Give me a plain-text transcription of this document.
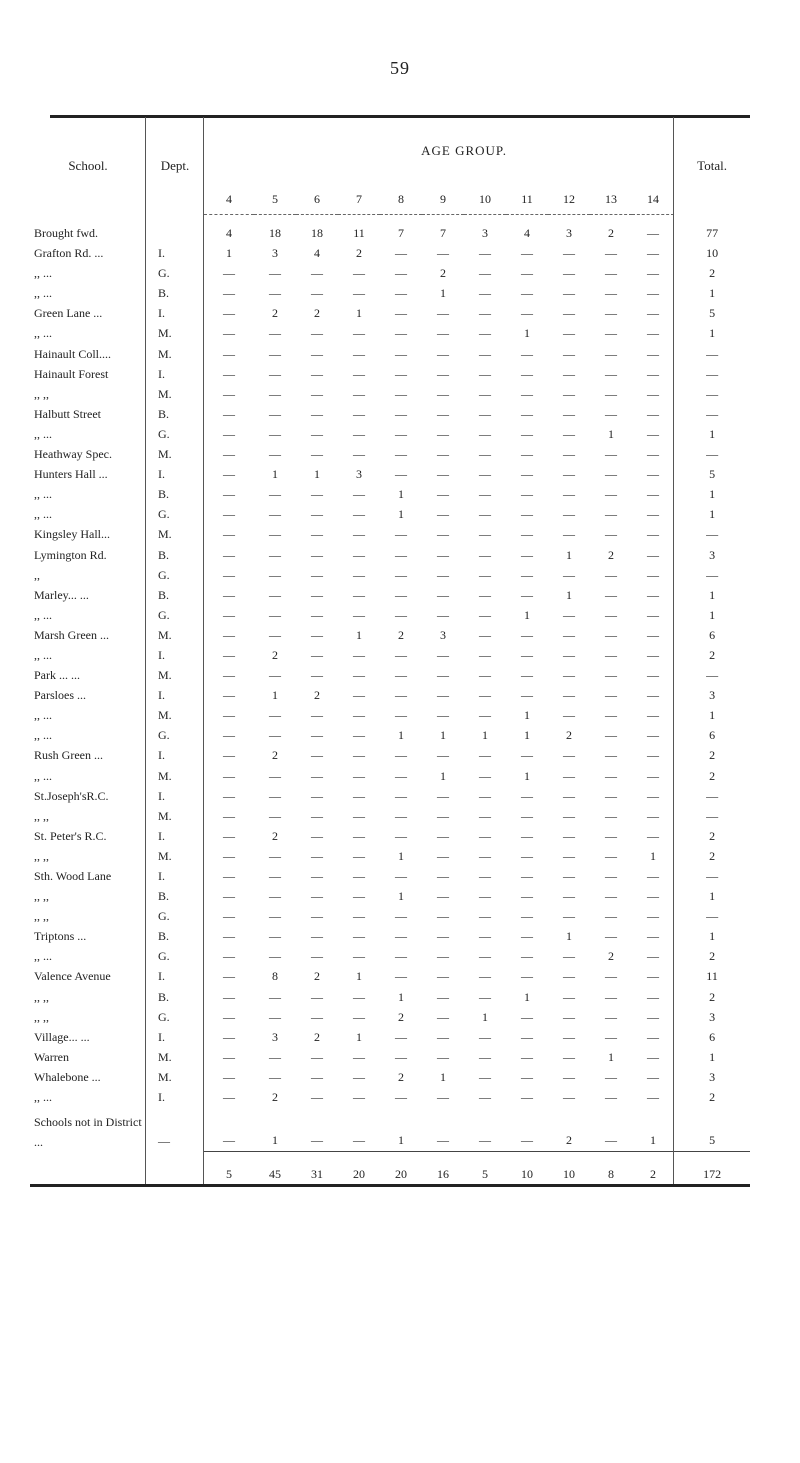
59
School.	Dept.		AGE GROUP.										Total.
		4	5	6	7	8	9	10	11	12	13	14	

Brought fwd.		4	18	18	11	7	7	3	4	3	2	—	77
Grafton Rd. ...	I.	1	3	4	2	—	—	—	—	—	—	—	10
,, ...	G.	—	—	—	—	—	2	—	—	—	—	—	2
,, ...	B.	—	—	—	—	—	1	—	—	—	—	—	1
Green Lane ...	I.	—	2	2	1	—	—	—	—	—	—	—	5
,, ...	M.	—	—	—	—	—	—	—	1	—	—	—	1
Hainault Coll....	M.	—	—	—	—	—	—	—	—	—	—	—	—
Hainault Forest	I.	—	—	—	—	—	—	—	—	—	—	—	—
,, ,,	M.	—	—	—	—	—	—	—	—	—	—	—	—
Halbutt Street	B.	—	—	—	—	—	—	—	—	—	—	—	—
,, ...	G.	—	—	—	—	—	—	—	—	—	1	—	1
Heathway Spec.	M.	—	—	—	—	—	—	—	—	—	—	—	—
Hunters Hall ...	I.	—	1	1	3	—	—	—	—	—	—	—	5
,, ...	B.	—	—	—	—	1	—	—	—	—	—	—	1
,, ...	G.	—	—	—	—	1	—	—	—	—	—	—	1
Kingsley Hall...	M.	—	—	—	—	—	—	—	—	—	—	—	—
Lymington Rd.	B.	—	—	—	—	—	—	—	—	1	2	—	3
,,	G.	—	—	—	—	—	—	—	—	—	—	—	—
Marley... ...	B.	—	—	—	—	—	—	—	—	1	—	—	1
,, ...	G.	—	—	—	—	—	—	—	1	—	—	—	1
Marsh Green ...	M.	—	—	—	1	2	3	—	—	—	—	—	6
,, ...	I.	—	2	—	—	—	—	—	—	—	—	—	2
Park ... ...	M.	—	—	—	—	—	—	—	—	—	—	—	—
Parsloes ...	I.	—	1	2	—	—	—	—	—	—	—	—	3
,, ...	M.	—	—	—	—	—	—	—	1	—	—	—	1
,, ...	G.	—	—	—	—	1	1	1	1	2	—	—	6
Rush Green ...	I.	—	2	—	—	—	—	—	—	—	—	—	2
,, ...	M.	—	—	—	—	—	1	—	1	—	—	—	2
St.Joseph'sR.C.	I.	—	—	—	—	—	—	—	—	—	—	—	—
,, ,,	M.	—	—	—	—	—	—	—	—	—	—	—	—
St. Peter's R.C.	I.	—	2	—	—	—	—	—	—	—	—	—	2
,, ,,	M.	—	—	—	—	1	—	—	—	—	—	1	2
Sth. Wood Lane	I.	—	—	—	—	—	—	—	—	—	—	—	—
,, ,,	B.	—	—	—	—	1	—	—	—	—	—	—	1
,, ,,	G.	—	—	—	—	—	—	—	—	—	—	—	—
Triptons ...	B.	—	—	—	—	—	—	—	—	1	—	—	1
,, ...	G.	—	—	—	—	—	—	—	—	—	2	—	2
Valence Avenue	I.	—	8	2	1	—	—	—	—	—	—	—	11
,, ,,	B.	—	—	—	—	1	—	—	1	—	—	—	2
,, ,,	G.	—	—	—	—	2	—	1	—	—	—	—	3
Village... ...	I.	—	3	2	1	—	—	—	—	—	—	—	6
Warren	M.	—	—	—	—	—	—	—	—	—	1	—	1
Whalebone ...	M.	—	—	—	—	2	1	—	—	—	—	—	3
,, ...	I.	—	2	—	—	—	—	—	—	—	—	—	2
Schools not in District ...	—	—	1	—	—	1	—	—	—	2	—	1	5
		5	45	31	20	20	16	5	10	10	8	2	172
